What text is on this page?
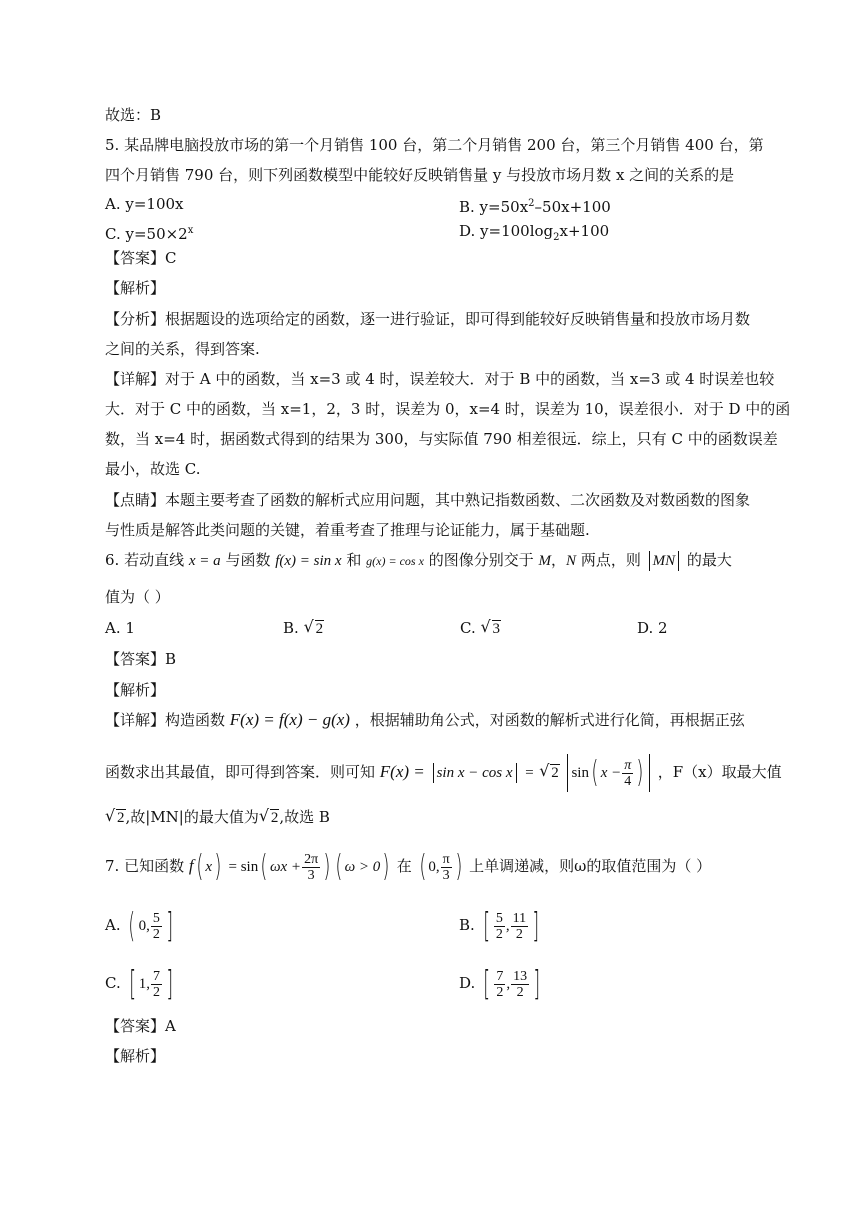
故选：B
5. 某品牌电脑投放市场的第一个月销售 100 台，第二个月销售 200 台，第三个月销售 400 台，第
四个月销售 790 台，则下列函数模型中能较好反映销售量 y 与投放市场月数 x 之间的关系的是
A. y=100x	B. $y=50x^2-50x+100$
C. $y=50\times 2^x$	D. $y=100\log_2x+100$
【答案】C
【解析】
【分析】根据题设的选项给定的函数，逐一进行验证，即可得到能较好反映销售量和投放市场月数
之间的关系，得到答案.
【详解】对于 A 中的函数，当 x=3 或 4 时，误差较大．对于 B 中的函数，当 x=3 或 4 时误差也较
大．对于 C 中的函数，当 x=1，2，3 时，误差为 0，x=4 时，误差为 10，误差很小．对于 D 中的函
数，当 x=4 时，据函数式得到的结果为 300，与实际值 790 相差很远．综上，只有 C 中的函数误差
最小，故选 C.
【点睛】本题主要考查了函数的解析式应用问题，其中熟记指数函数、二次函数及对数函数的图象
与性质是解答此类问题的关键，着重考查了推理与论证能力，属于基础题.
6. 若动直线 x = a 与函数 f(x) = sin x 和 g(x) = cos x 的图像分别交于 M，N 两点，则 MN 的最大
值为（ ）
A. 1	B. √ 2	C. √ 3	D. 2
【答案】B
【解析】
【详解】构造函数 F(x) = f(x) − g(x) ，根据辅助角公式，对函数的解析式进行化简，再根据正弦
函数求出其最值，即可得到答案．则可知 F(x) = sin x − cos x = √ 2 sin( $x - \frac{\pi}{4}$ ) ，F（x）取最大值
√ 2,故|MN|的最大值为 √ 2,故选 B
7. 已知函数 f( x) = sin( $\omega x + \frac{2\pi}{3}$ ) ( ω > 0) 在 ( 0, $\frac{\pi}{3}$ ) 上单调递减，则ω的取值范围为（ ）
A. ( 0, $\frac{5}{2}$ ]	B. [ $\frac{5}{2}$ , $\frac{11}{2}$ ]
C. [ 1, $\frac{7}{2}$ ]	D. [ $\frac{7}{2}$ , $\frac{13}{2}$ ]
【答案】A
【解析】
